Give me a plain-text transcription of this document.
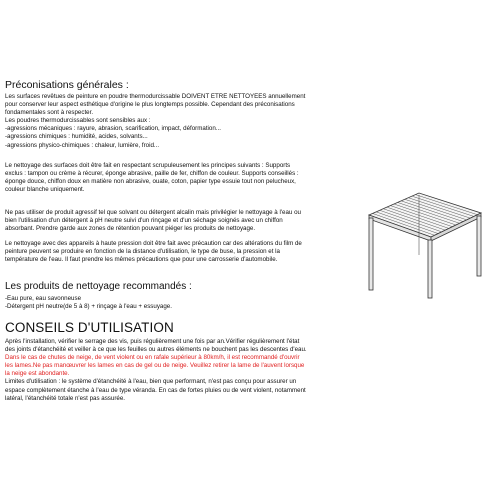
Préconisations générales :

Les surfaces revêtues de peinture en poudre thermodurcissable DOIVENT ETRE NETTOYEES annuellement

pour conserver leur aspect esthétique d'origine le plus longtemps possible. Cependant des préconisations

fondamentales sont à respecter.

Les poudres thermodurcissables sont sensibles aux :

-agressions mécaniques : rayure, abrasion, scarification, impact, déformation...

-agressions chimiques : humidité, acides, solvants...

-agressions physico-chimiques : chaleur, lumière, froid...

Le nettoyage des surfaces doit être fait en respectant scrupuleusement les principes suivants : Supports

exclus : tampon ou crème à récurer, éponge abrasive, paille de fer, chiffon de couleur. Supports conseillés :

éponge douce, chiffon doux en matière non abrasive, ouate, coton, papier type essuie tout non pelucheux,

couleur blanche uniquement.

Ne pas utiliser de produit agressif tel que solvant ou détergent alcalin mais privilégier le nettoyage à l'eau ou

bien l'utilisation d'un détergent à pH neutre suivi d'un rinçage et d'un séchage soignés avec un chiffon

absorbant. Prendre garde aux zones de rétention pouvant piéger les produits de nettoyage.

Le nettoyage avec des appareils à haute pression doit être fait avec précaution car des altérations du film de

peinture peuvent se produire en fonction de la distance d'utilisation, le type de buse, la pression et la

température de l'eau. Il faut prendre les mêmes précautions que pour une carrosserie d'automobile.

Les produits de nettoyage recommandés :

-Eau pure, eau savonneuse

-Détergent pH neutre(de 5 à 8) + rinçage à l'eau + essuyage.

CONSEILS D'UTILISATION

Après l'installation, vérifier le serrage des vis, puis régulièrement une fois par an.Vérifier régulièrement l'état

des joints d'étanchéité et veiller à ce que les feuilles ou autres éléments ne bouchent pas les descentes d'eau.

Dans le cas de chutes de neige, de vent violent ou en rafale supérieur à 80km/h, il est recommandé d'ouvrir

les lames.Ne pas manœuvrer les lames en cas de gel ou de neige. Veuillez retirer la lame de l'auvent lorsque

la neige est abondante.

Limites d'utilisation : le système d'étanchéité à l'eau, bien que performant, n'est pas conçu pour assurer un

espace complètement étanche à l'eau de type véranda. En cas de fortes pluies ou de vent violent, notamment

latéral, l'étanchéité totale n'est pas assurée.
